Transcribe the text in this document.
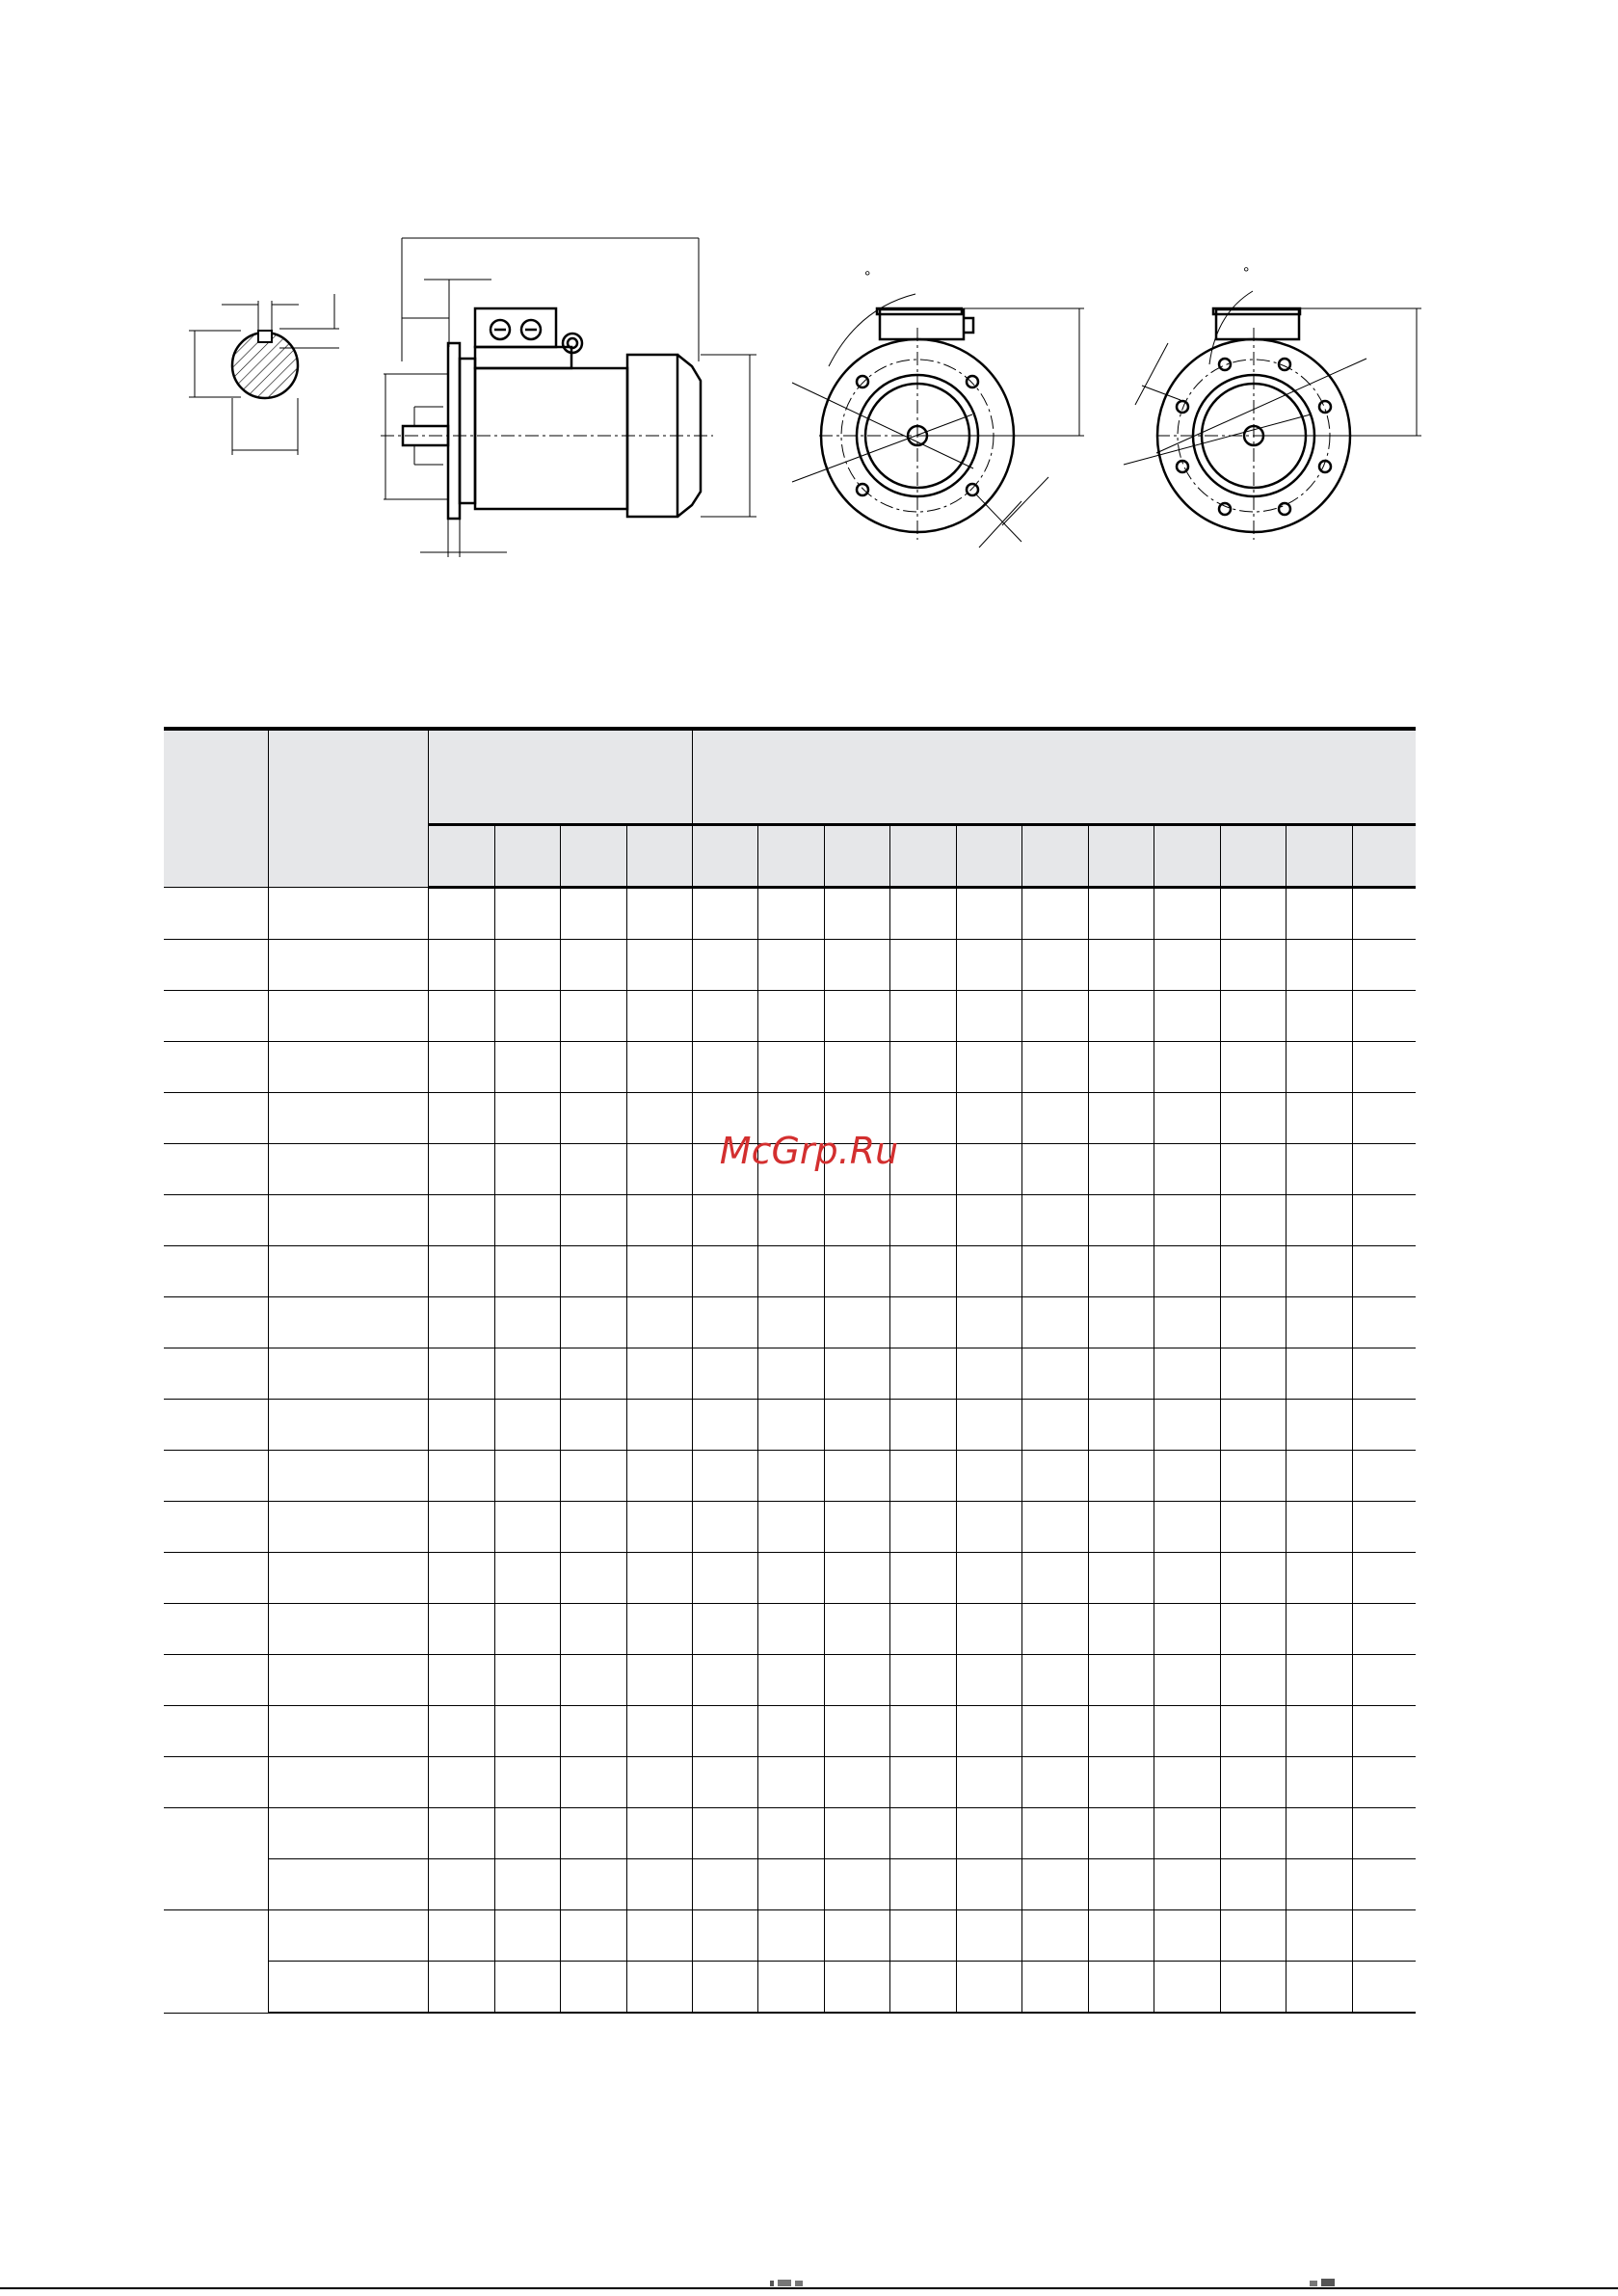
°	°

McGrp.Ru
